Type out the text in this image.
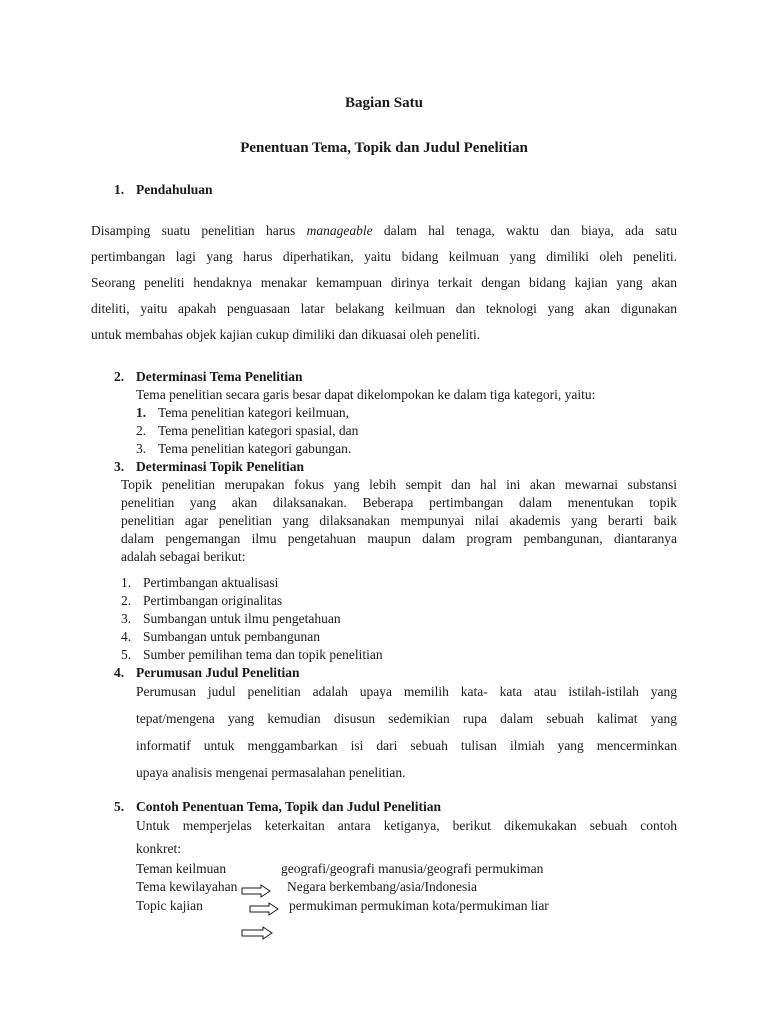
Bagian Satu
Penentuan Tema, Topik dan Judul Penelitian
1. Pendahuluan
Disamping suatu penelitian harus manageable dalam hal tenaga, waktu dan biaya, ada satu
pertimbangan lagi yang harus diperhatikan, yaitu bidang keilmuan yang dimiliki oleh peneliti.
Seorang peneliti hendaknya menakar kemampuan dirinya terkait dengan bidang kajian yang akan
diteliti, yaitu apakah penguasaan latar belakang keilmuan dan teknologi yang akan digunakan
untuk membahas objek kajian cukup dimiliki dan dikuasai oleh peneliti.
2. Determinasi Tema Penelitian
Tema penelitian secara garis besar dapat dikelompokan ke dalam tiga kategori, yaitu:
1. Tema penelitian kategori keilmuan,
2. Tema penelitian kategori spasial, dan
3. Tema penelitian kategori gabungan.
3. Determinasi Topik Penelitian
Topik penelitian merupakan fokus yang lebih sempit dan hal ini akan mewarnai substansi
penelitian yang akan dilaksanakan. Beberapa pertimbangan dalam menentukan topik
penelitian agar penelitian yang dilaksanakan mempunyai nilai akademis yang berarti baik
dalam pengemangan ilmu pengetahuan maupun dalam program pembangunan, diantaranya
adalah sebagai berikut:
1. Pertimbangan aktualisasi
2. Pertimbangan originalitas
3. Sumbangan untuk ilmu pengetahuan
4. Sumbangan untuk pembangunan
5. Sumber pemilihan tema dan topik penelitian
4. Perumusan Judul Penelitian
Perumusan judul penelitian adalah upaya memilih kata- kata atau istilah-istilah yang
tepat/mengena yang kemudian disusun sedemikian rupa dalam sebuah kalimat yang
informatif untuk menggambarkan isi dari sebuah tulisan ilmiah yang mencerminkan
upaya analisis mengenai permasalahan penelitian.
5. Contoh Penentuan Tema, Topik dan Judul Penelitian
Untuk memperjelas keterkaitan antara ketiganya, berikut dikemukakan sebuah contoh
konkret:
Teman keilmuan	geografi/geografi manusia/geografi permukiman
Tema kewilayahan	Negara berkembang/asia/Indonesia
Topic kajian	permukiman permukiman kota/permukiman liar
